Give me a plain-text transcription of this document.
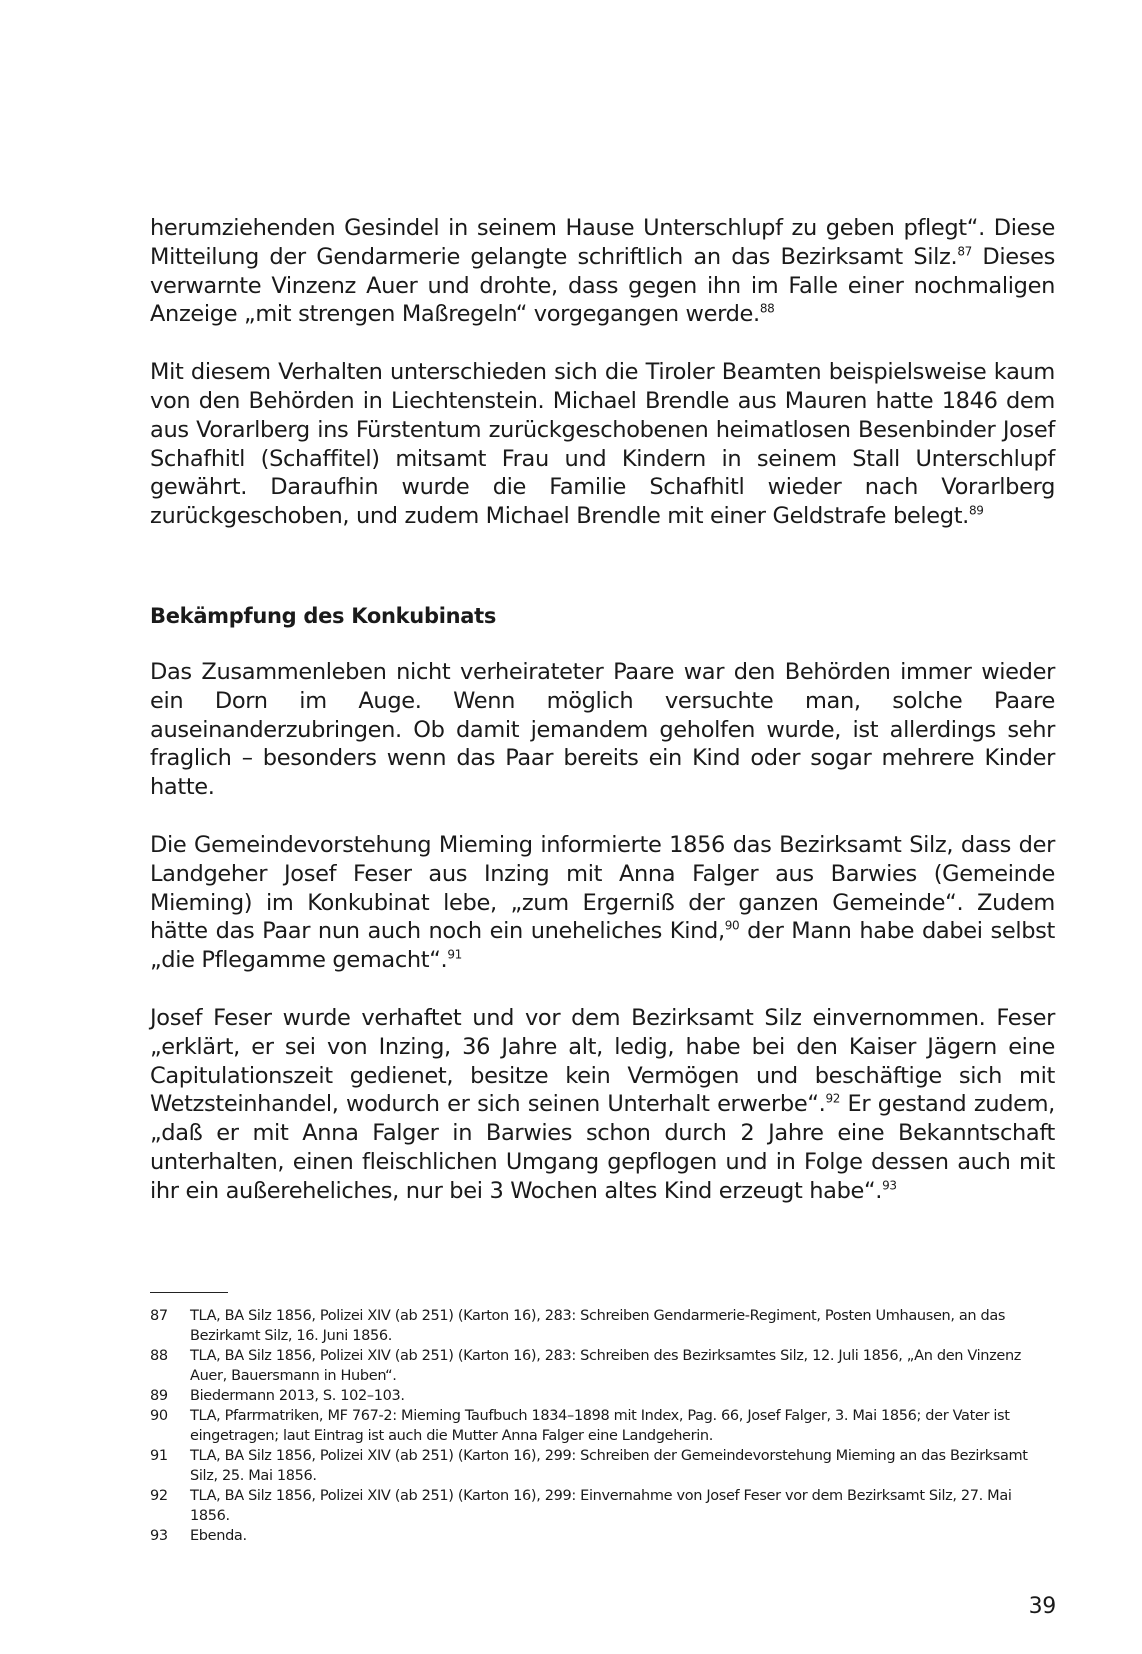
herumziehenden Gesindel in seinem Hause Unterschlupf zu geben pflegt“. Diese Mitteilung der Gendarmerie gelangte schriftlich an das Bezirksamt Silz.$^{87}$ Dieses verwarnte Vinzenz Auer und drohte, dass gegen ihn im Falle einer nochmaligen Anzeige „mit strengen Maßregeln“ vorgegangen werde.$^{88}$

Mit diesem Verhalten unterschieden sich die Tiroler Beamten beispielsweise kaum von den Behörden in Liechtenstein. Michael Brendle aus Mauren hatte 1846 dem aus Vorarlberg ins Fürstentum zurückgeschobenen heimatlosen Besenbinder Josef Schafhitl (Schaffitel) mitsamt Frau und Kindern in seinem Stall Unterschlupf gewährt. Daraufhin wurde die Familie Schafhitl wieder nach Vorarlberg zurückgeschoben, und zudem Michael Brendle mit einer Geldstrafe belegt.$^{89}$

Bekämpfung des Konkubinats

Das Zusammenleben nicht verheirateter Paare war den Behörden immer wieder ein Dorn im Auge. Wenn möglich versuchte man, solche Paare auseinanderzubringen. Ob damit jemandem geholfen wurde, ist allerdings sehr fraglich – besonders wenn das Paar bereits ein Kind oder sogar mehrere Kinder hatte.

Die Gemeindevorstehung Mieming informierte 1856 das Bezirksamt Silz, dass der Landgeher Josef Feser aus Inzing mit Anna Falger aus Barwies (Gemeinde Mieming) im Konkubinat lebe, „zum Ergerniß der ganzen Gemeinde“. Zudem hätte das Paar nun auch noch ein uneheliches Kind,$^{90}$ der Mann habe dabei selbst „die Pflegamme gemacht“.$^{91}$

Josef Feser wurde verhaftet und vor dem Bezirksamt Silz einvernommen. Feser „erklärt, er sei von Inzing, 36 Jahre alt, ledig, habe bei den Kaiser Jägern eine Capitulationszeit gedienet, besitze kein Vermögen und beschäftige sich mit Wetzsteinhandel, wodurch er sich seinen Unterhalt erwerbe“.$^{92}$ Er gestand zudem, „daß er mit Anna Falger in Barwies schon durch 2 Jahre eine Bekanntschaft unterhalten, einen fleischlichen Umgang gepflogen und in Folge dessen auch mit ihr ein außereheliches, nur bei 3 Wochen altes Kind erzeugt habe“.$^{93}$

87	TLA, BA Silz 1856, Polizei XIV (ab 251) (Karton 16), 283: Schreiben Gendarmerie-Regiment, Posten Umhausen, an das Bezirkamt Silz, 16. Juni 1856.
88	TLA, BA Silz 1856, Polizei XIV (ab 251) (Karton 16), 283: Schreiben des Bezirksamtes Silz, 12. Juli 1856, „An den Vinzenz Auer, Bauersmann in Huben“.
89	Biedermann 2013, S. 102–103.
90	TLA, Pfarrmatriken, MF 767-2: Mieming Taufbuch 1834–1898 mit Index, Pag. 66, Josef Falger, 3. Mai 1856; der Vater ist eingetragen; laut Eintrag ist auch die Mutter Anna Falger eine Landgeherin.
91	TLA, BA Silz 1856, Polizei XIV (ab 251) (Karton 16), 299: Schreiben der Gemeindevorstehung Mieming an das Bezirksamt Silz, 25. Mai 1856.
92	TLA, BA Silz 1856, Polizei XIV (ab 251) (Karton 16), 299: Einvernahme von Josef Feser vor dem Bezirksamt Silz, 27. Mai 1856.
93	Ebenda.
39
